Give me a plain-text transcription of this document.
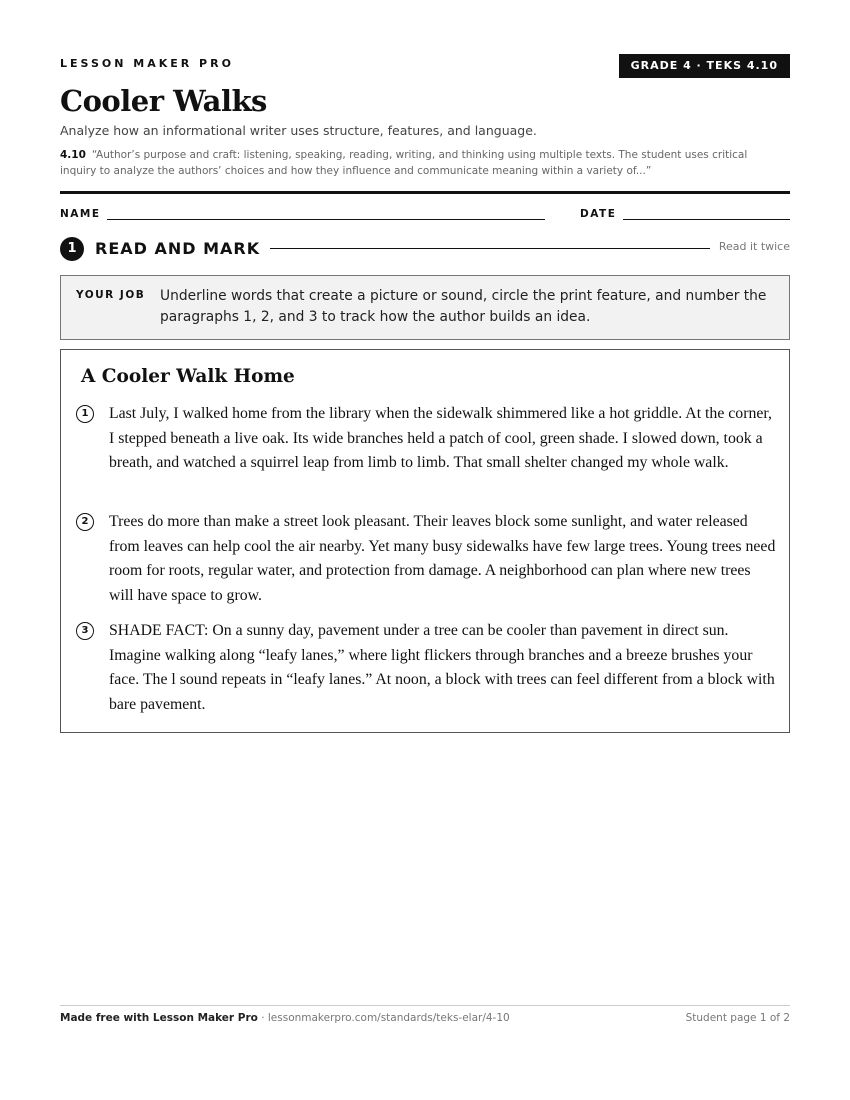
LESSON MAKER PRO	GRADE 4 · TEKS 4.10
Cooler Walks
Analyze how an informational writer uses structure, features, and language.
4.10 “Author’s purpose and craft: listening, speaking, reading, writing, and thinking using multiple texts. The student uses critical inquiry to analyze the authors’ choices and how they influence and communicate meaning within a variety of...”
NAME	DATE
1	READ AND MARK	Read it twice
YOUR JOB Underline words that create a picture or sound, circle the print feature, and number the paragraphs 1, 2, and 3 to track how the author builds an idea.
A Cooler Walk Home
1	Last July, I walked home from the library when the sidewalk shimmered like a hot griddle. At the corner, I stepped beneath a live oak. Its wide branches held a patch of cool, green shade. I slowed down, took a breath, and watched a squirrel leap from limb to limb. That small shelter changed my whole walk.

2	Trees do more than make a street look pleasant. Their leaves block some sunlight, and water released from leaves can help cool the air nearby. Yet many busy sidewalks have few large trees. Young trees need room for roots, regular water, and protection from damage. A neighborhood can plan where new trees will have space to grow.

3	SHADE FACT: On a sunny day, pavement under a tree can be cooler than pavement in direct sun. Imagine walking along “leafy lanes,” where light flickers through branches and a breeze brushes your face. The l sound repeats in “leafy lanes.” At noon, a block with trees can feel different from a block with bare pavement.

Made free with Lesson Maker Pro · lessonmakerpro.com/standards/teks-elar/4-10	Student page 1 of 2
